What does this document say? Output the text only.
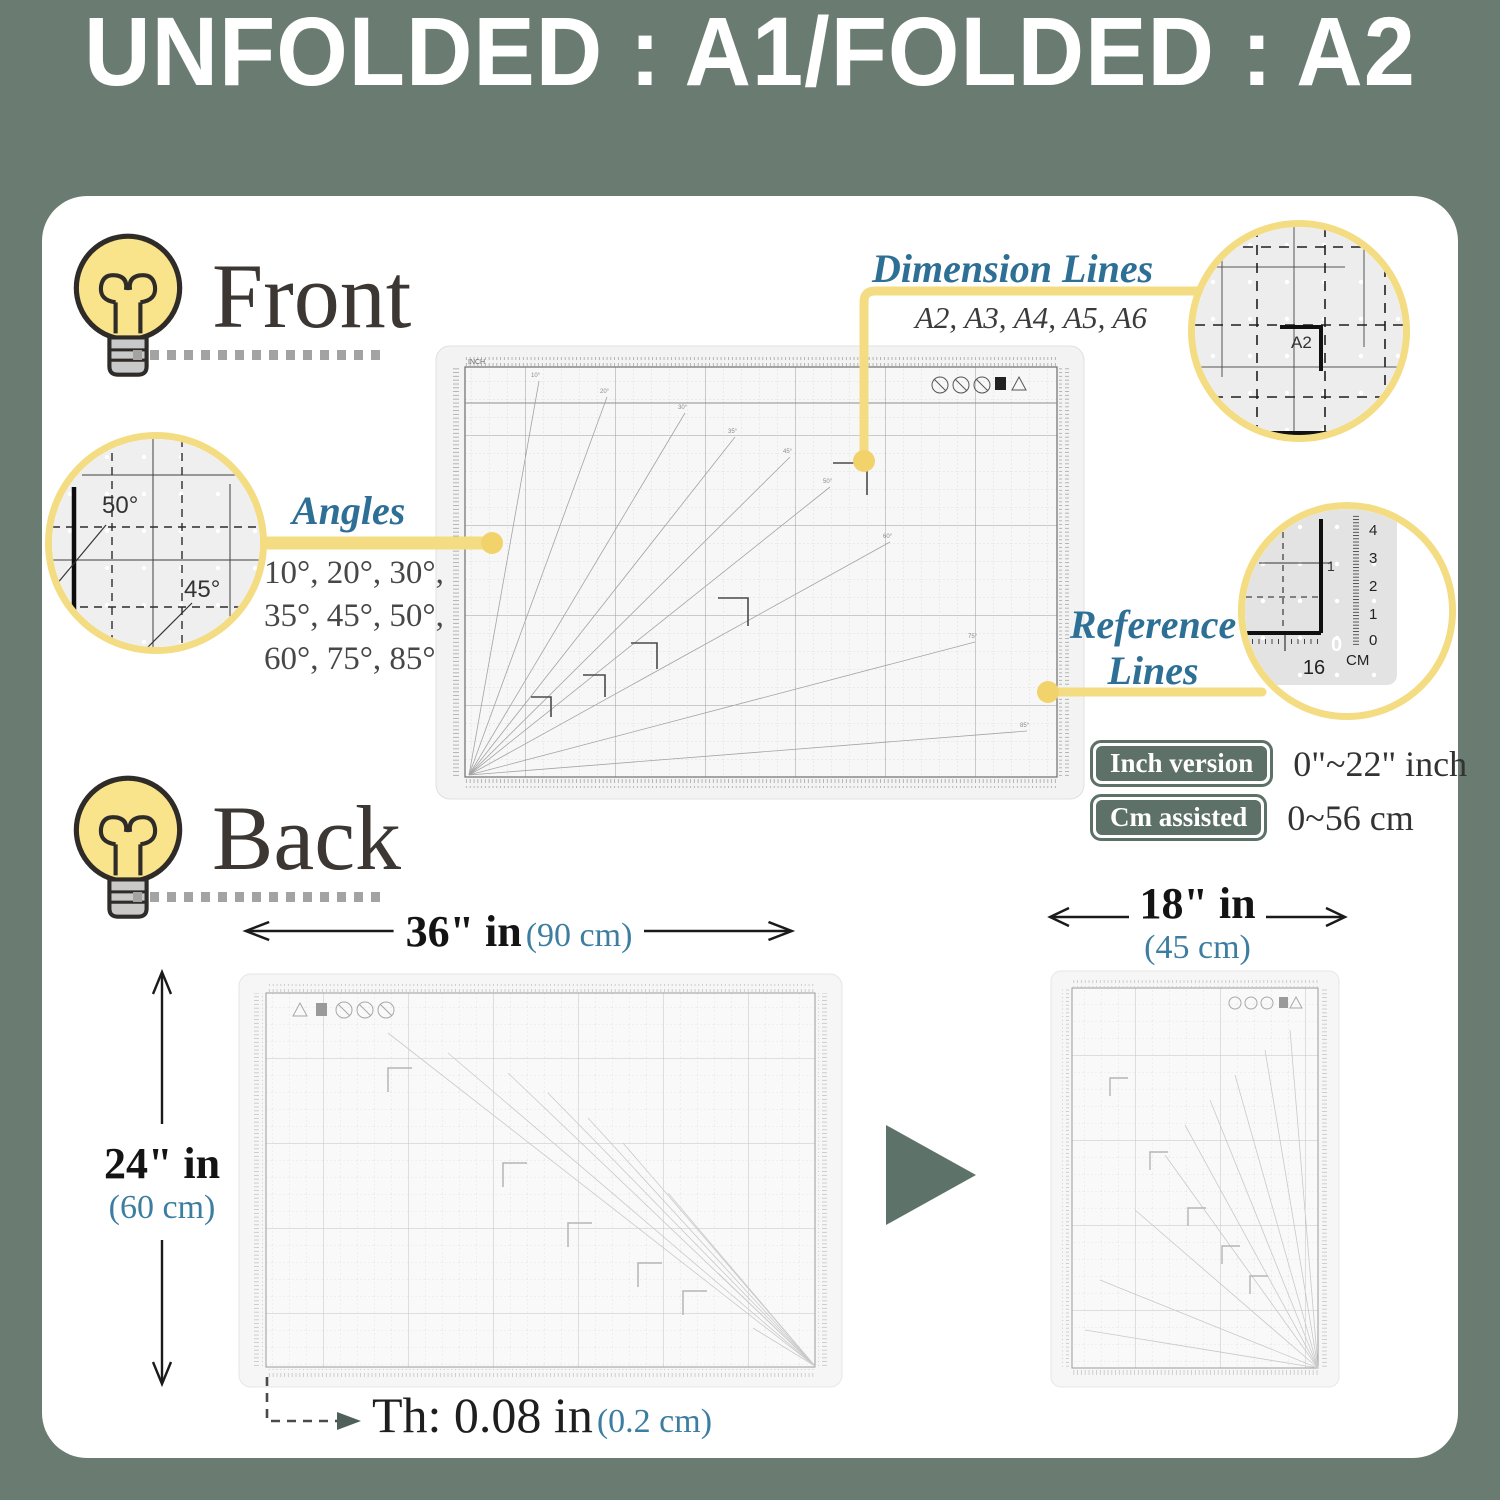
UNFOLDED : A1/FOLDED : A2
INCH
10°
20°
30°
35°
45°
50°
60°
75°
85°
50°
45°
A2
16
1
0
4
3
2
1
0
CM
Front	Dimension Lines
A2, A3, A4, A5, A6
Angles
10°, 20°, 30°,
35°, 45°, 50°,
60°, 75°, 85°
Reference
Lines
Inch version	0"~22" inch
Cm assisted	0~56 cm
Back
36" in (90 cm)
24" in
(60 cm)
18" in
(45 cm)
Th: 0.08 in (0.2 cm)
